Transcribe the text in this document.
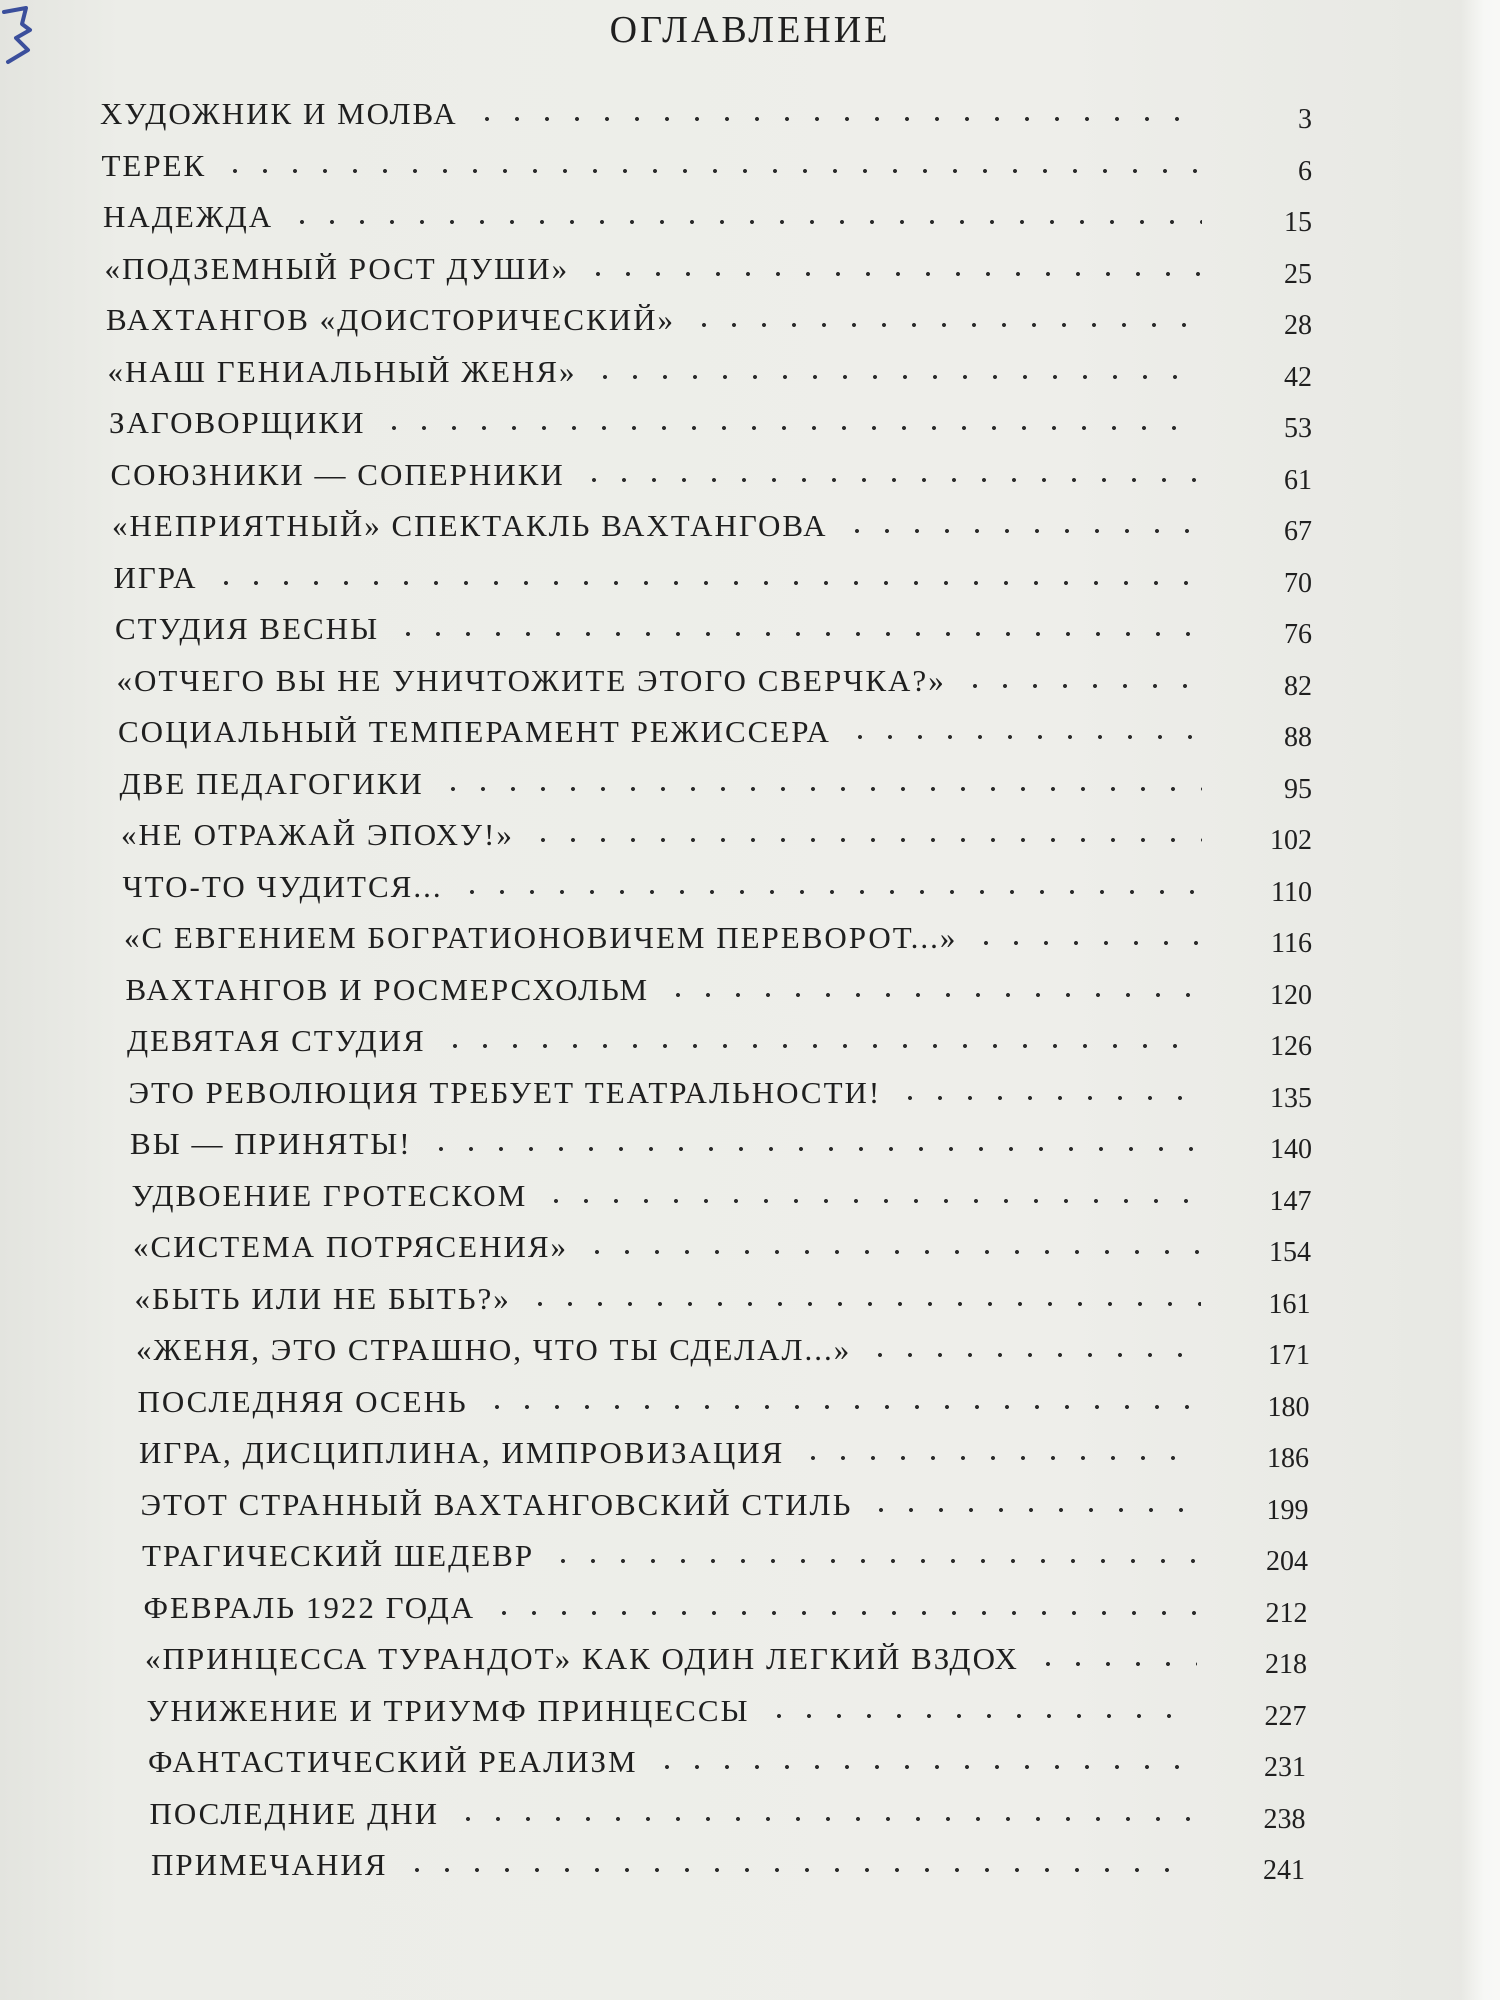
ОГЛАВЛЕНИЕ
ХУДОЖНИК И МОЛВА	3
ТЕРЕК	6
НАДЕЖДА	15
«ПОДЗЕМНЫЙ РОСТ ДУШИ»	25
ВАХТАНГОВ «ДОИСТОРИЧЕСКИЙ»	28
«НАШ ГЕНИАЛЬНЫЙ ЖЕНЯ»	42
ЗАГОВОРЩИКИ	53
СОЮЗНИКИ — СОПЕРНИКИ	61
«НЕПРИЯТНЫЙ» СПЕКТАКЛЬ ВАХТАНГОВА	67
ИГРА	70
СТУДИЯ ВЕСНЫ	76
«ОТЧЕГО ВЫ НЕ УНИЧТОЖИТЕ ЭТОГО СВЕРЧКА?»	82
СОЦИАЛЬНЫЙ ТЕМПЕРАМЕНТ РЕЖИССЕРА	88
ДВЕ ПЕДАГОГИКИ	95
«НЕ ОТРАЖАЙ ЭПОХУ!»	102
ЧТО-ТО ЧУДИТСЯ...	110
«С ЕВГЕНИЕМ БОГРАТИОНОВИЧЕМ ПЕРЕВОРОТ...»	116
ВАХТАНГОВ И РОСМЕРСХОЛЬМ	120
ДЕВЯТАЯ СТУДИЯ	126
ЭТО РЕВОЛЮЦИЯ ТРЕБУЕТ ТЕАТРАЛЬНОСТИ!	135
ВЫ — ПРИНЯТЫ!	140
УДВОЕНИЕ ГРОТЕСКОМ	147
«СИСТЕМА ПОТРЯСЕНИЯ»	154
«БЫТЬ ИЛИ НЕ БЫТЬ?»	161
«ЖЕНЯ, ЭТО СТРАШНО, ЧТО ТЫ СДЕЛАЛ...»	171
ПОСЛЕДНЯЯ ОСЕНЬ	180
ИГРА, ДИСЦИПЛИНА, ИМПРОВИЗАЦИЯ	186
ЭТОТ СТРАННЫЙ ВАХТАНГОВСКИЙ СТИЛЬ	199
ТРАГИЧЕСКИЙ ШЕДЕВР	204
ФЕВРАЛЬ 1922 ГОДА	212
«ПРИНЦЕССА ТУРАНДОТ» КАК ОДИН ЛЕГКИЙ ВЗДОХ	218
УНИЖЕНИЕ И ТРИУМФ ПРИНЦЕССЫ	227
ФАНТАСТИЧЕСКИЙ РЕАЛИЗМ	231
ПОСЛЕДНИЕ ДНИ	238
ПРИМЕЧАНИЯ	241
